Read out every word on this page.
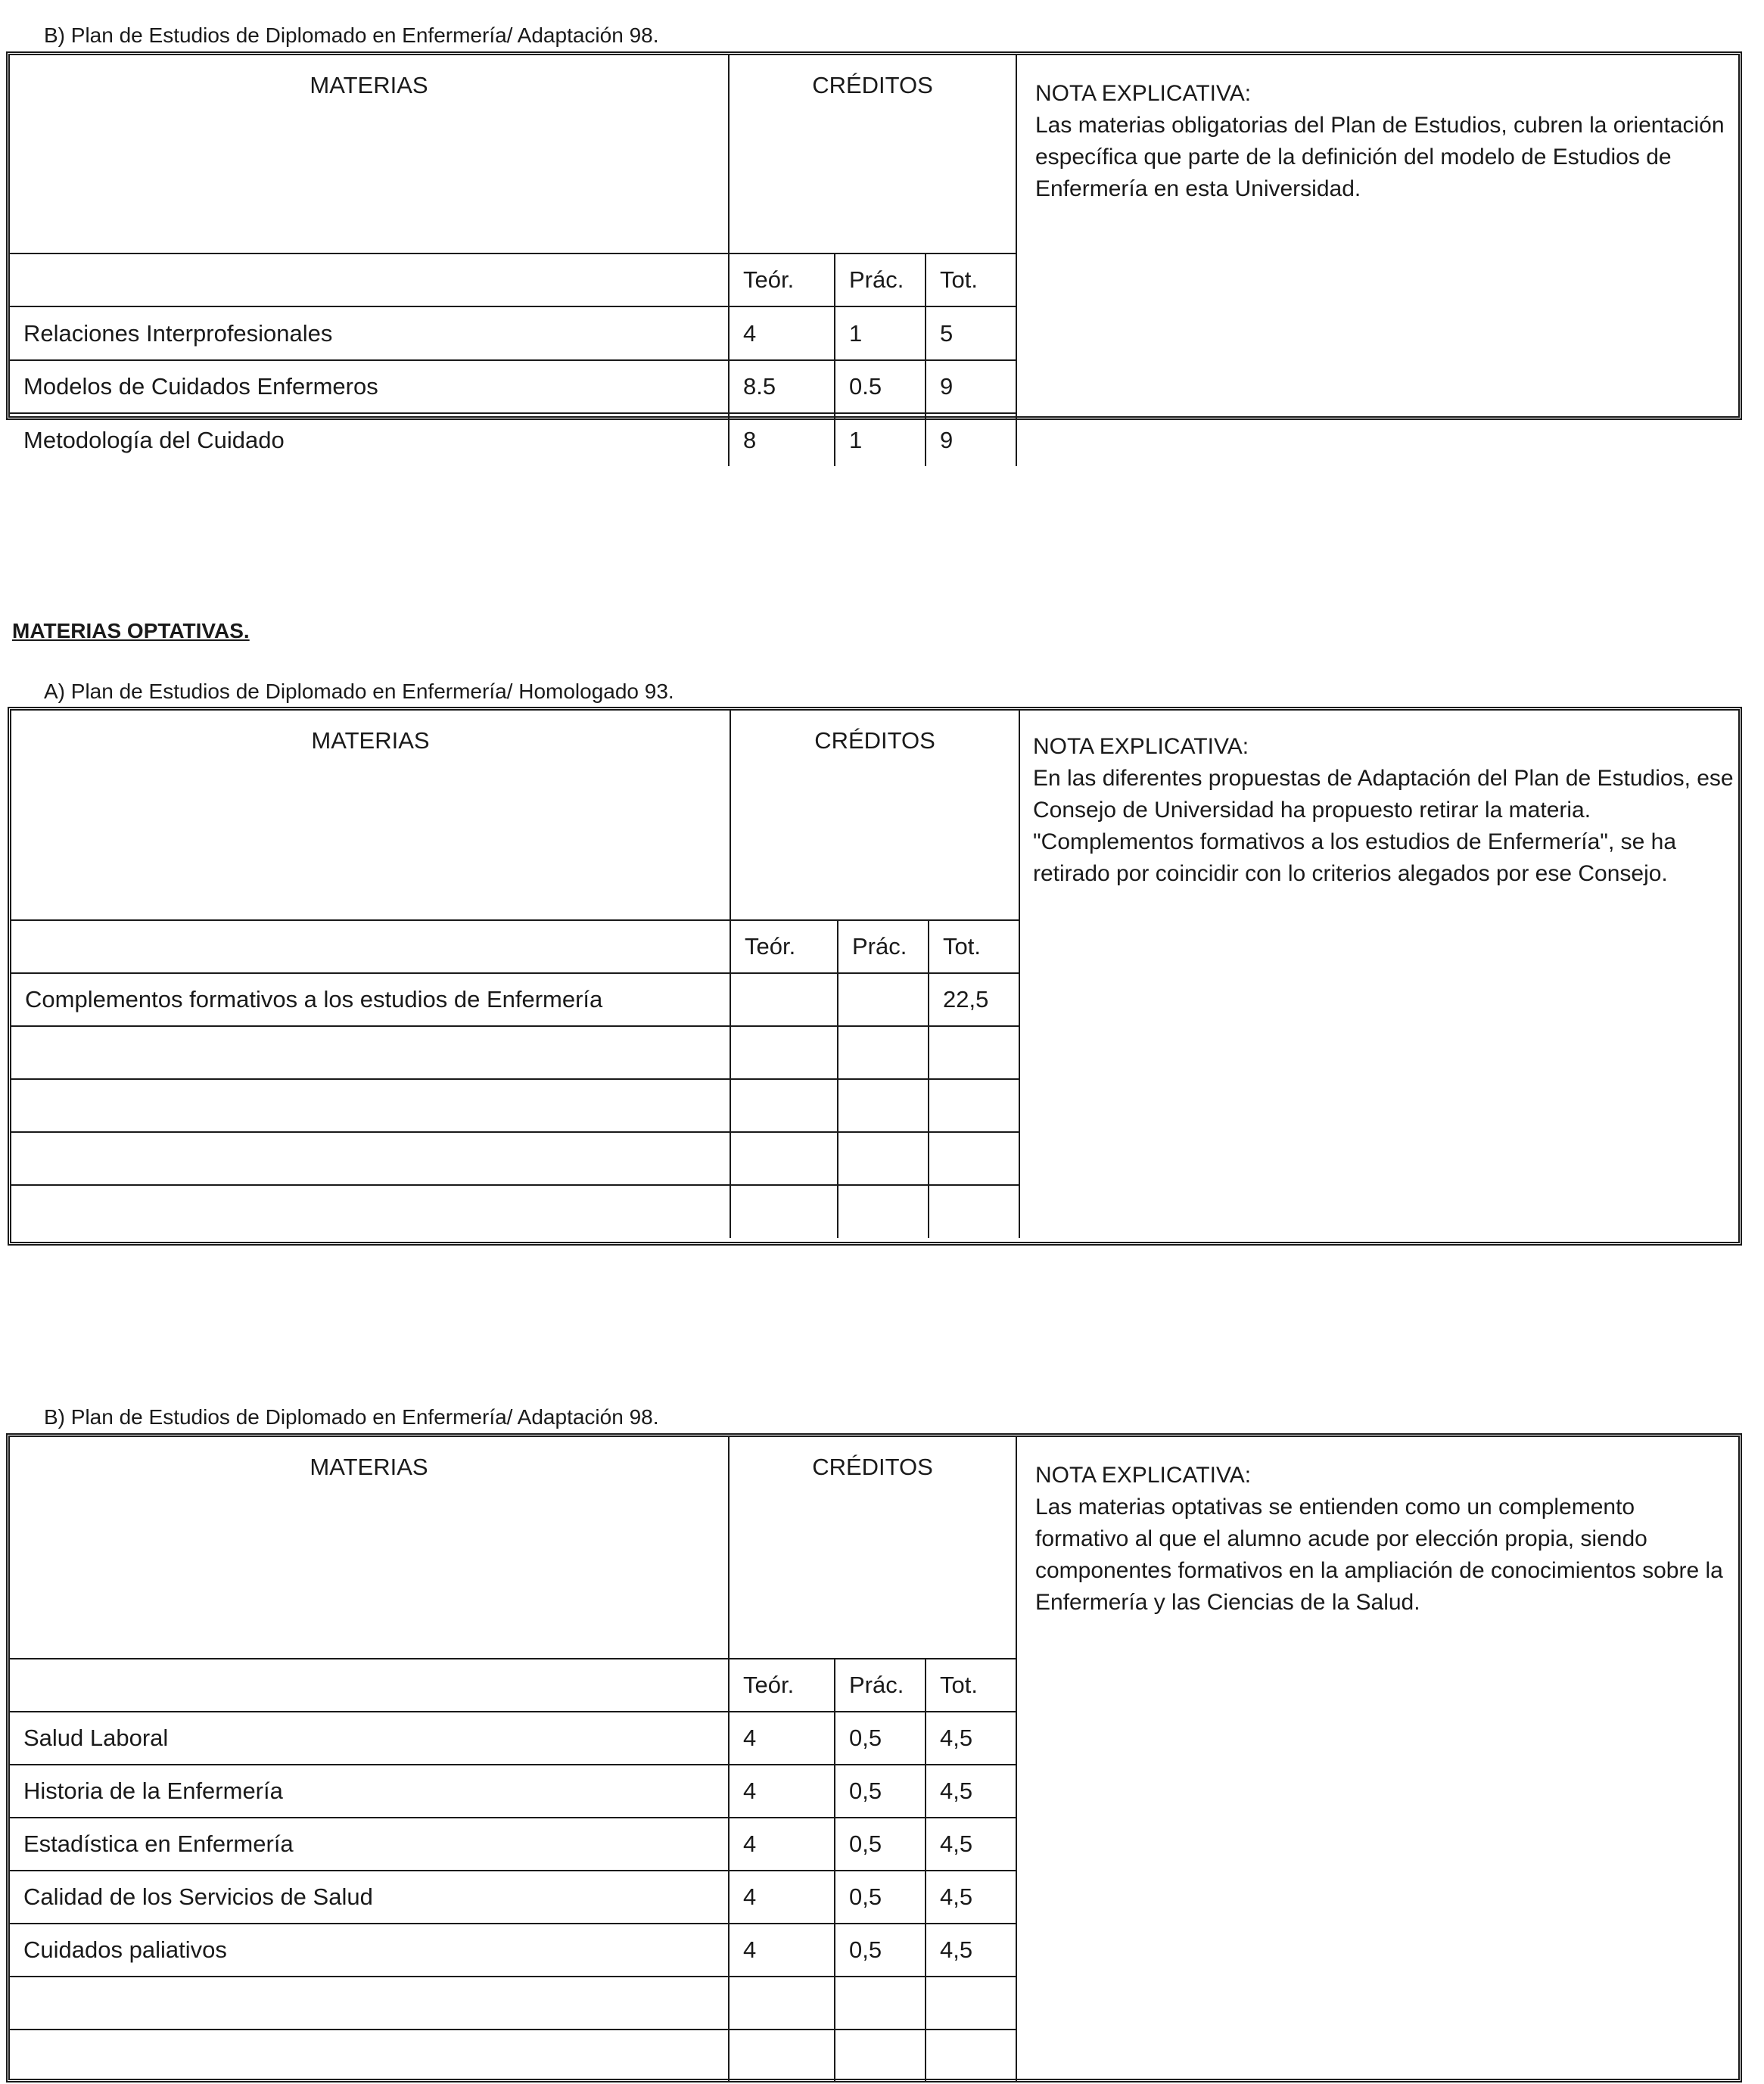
B) Plan de Estudios de Diplomado en Enfermería/ Adaptación 98.
MATERIAS	CRÉDITOS		
	Teór.	Prác.	Tot.
Relaciones Interprofesionales	4	1	5
Modelos de Cuidados Enfermeros	8.5	0.5	9
Metodología del Cuidado	8	1	9
NOTA EXPLICATIVA:
Las materias obligatorias del Plan de Estudios, cubren la orientación específica que parte de la definición del modelo de Estudios de Enfermería en esta Universidad.
MATERIAS OPTATIVAS.
A) Plan de Estudios de Diplomado en Enfermería/ Homologado 93.
MATERIAS	CRÉDITOS		
	Teór.	Prác.	Tot.
Complementos formativos a los estudios de Enfermería			22,5

NOTA EXPLICATIVA:
En las diferentes propuestas de Adaptación del Plan de Estudios, ese Consejo de Universidad ha propuesto retirar la materia. "Complementos formativos a los estudios de Enfermería", se ha retirado por coincidir con lo criterios alegados por ese Consejo.
B) Plan de Estudios de Diplomado en Enfermería/ Adaptación 98.
MATERIAS	CRÉDITOS		
	Teór.	Prác.	Tot.
Salud Laboral	4	0,5	4,5
Historia de la Enfermería	4	0,5	4,5
Estadística en Enfermería	4	0,5	4,5
Calidad de los Servicios de Salud	4	0,5	4,5
Cuidados paliativos	4	0,5	4,5

NOTA EXPLICATIVA:
Las materias optativas se entienden como un complemento formativo al que el alumno acude por elección propia, siendo componentes formativos en la ampliación de conocimientos sobre la Enfermería y las Ciencias de la Salud.
